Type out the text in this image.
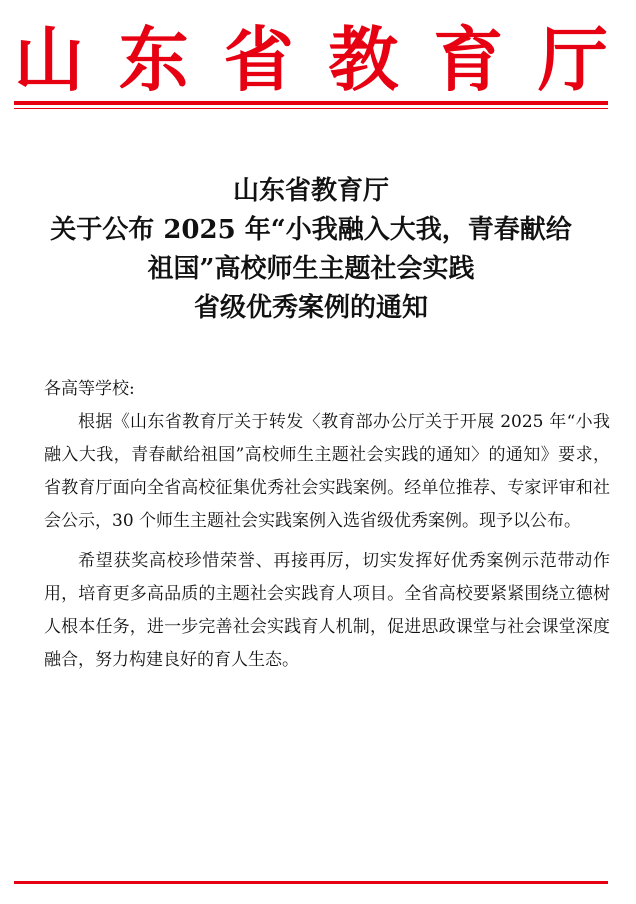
山 东 省 教 育 厅
山东省教育厅
关于公布 2025 年“小我融入大我，青春献给
祖国”高校师生主题社会实践
省级优秀案例的通知

各高等学校:

根据《山东省教育厅关于转发〈教育部办公厅关于开展 2025 年“小我融入大我，青春献给祖国”高校师生主题社会实践的通知〉的通知》要求，省教育厅面向全省高校征集优秀社会实践案例。经单位推荐、专家评审和社会公示，30 个师生主题社会实践案例入选省级优秀案例。现予以公布。

希望获奖高校珍惜荣誉、再接再厉，切实发挥好优秀案例示范带动作用，培育更多高品质的主题社会实践育人项目。全省高校要紧紧围绕立德树人根本任务，进一步完善社会实践育人机制，促进思政课堂与社会课堂深度融合，努力构建良好的育人生态。
